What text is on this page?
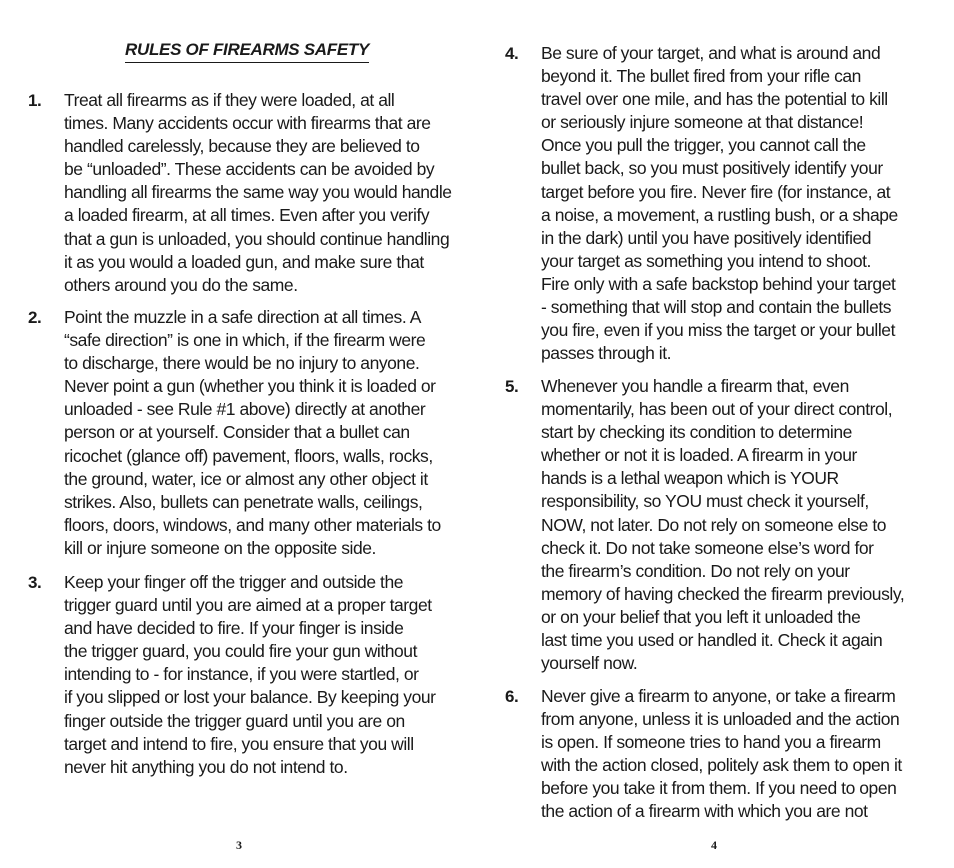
RULES OF FIREARMS SAFETY
1. Treat all firearms as if they were loaded, at all
times. Many accidents occur with firearms that are
handled carelessly, because they are believed to
be “unloaded”. These accidents can be avoided by
handling all firearms the same way you would handle
a loaded firearm, at all times. Even after you verify
that a gun is unloaded, you should continue handling
it as you would a loaded gun, and make sure that
others around you do the same.
2. Point the muzzle in a safe direction at all times. A
“safe direction” is one in which, if the firearm were
to discharge, there would be no injury to anyone.
Never point a gun (whether you think it is loaded or
unloaded - see Rule #1 above) directly at another
person or at yourself. Consider that a bullet can
ricochet (glance off) pavement, floors, walls, rocks,
the ground, water, ice or almost any other object it
strikes. Also, bullets can penetrate walls, ceilings,
floors, doors, windows, and many other materials to
kill or injure someone on the opposite side.
3. Keep your finger off the trigger and outside the
trigger guard until you are aimed at a proper target
and have decided to fire. If your finger is inside
the trigger guard, you could fire your gun without
intending to - for instance, if you were startled, or
if you slipped or lost your balance. By keeping your
finger outside the trigger guard until you are on
target and intend to fire, you ensure that you will
never hit anything you do not intend to.
3
4. Be sure of your target, and what is around and
beyond it. The bullet fired from your rifle can
travel over one mile, and has the potential to kill
or seriously injure someone at that distance!
Once you pull the trigger, you cannot call the
bullet back, so you must positively identify your
target before you fire. Never fire (for instance, at
a noise, a movement, a rustling bush, or a shape
in the dark) until you have positively identified
your target as something you intend to shoot.
Fire only with a safe backstop behind your target
- something that will stop and contain the bullets
you fire, even if you miss the target or your bullet
passes through it.
5. Whenever you handle a firearm that, even
momentarily, has been out of your direct control,
start by checking its condition to determine
whether or not it is loaded. A firearm in your
hands is a lethal weapon which is YOUR
responsibility, so YOU must check it yourself,
NOW, not later. Do not rely on someone else to
check it. Do not take someone else’s word for
the firearm’s condition. Do not rely on your
memory of having checked the firearm previously,
or on your belief that you left it unloaded the
last time you used or handled it. Check it again
yourself now.
6. Never give a firearm to anyone, or take a firearm
from anyone, unless it is unloaded and the action
is open. If someone tries to hand you a firearm
with the action closed, politely ask them to open it
before you take it from them. If you need to open
the action of a firearm with which you are not
4
